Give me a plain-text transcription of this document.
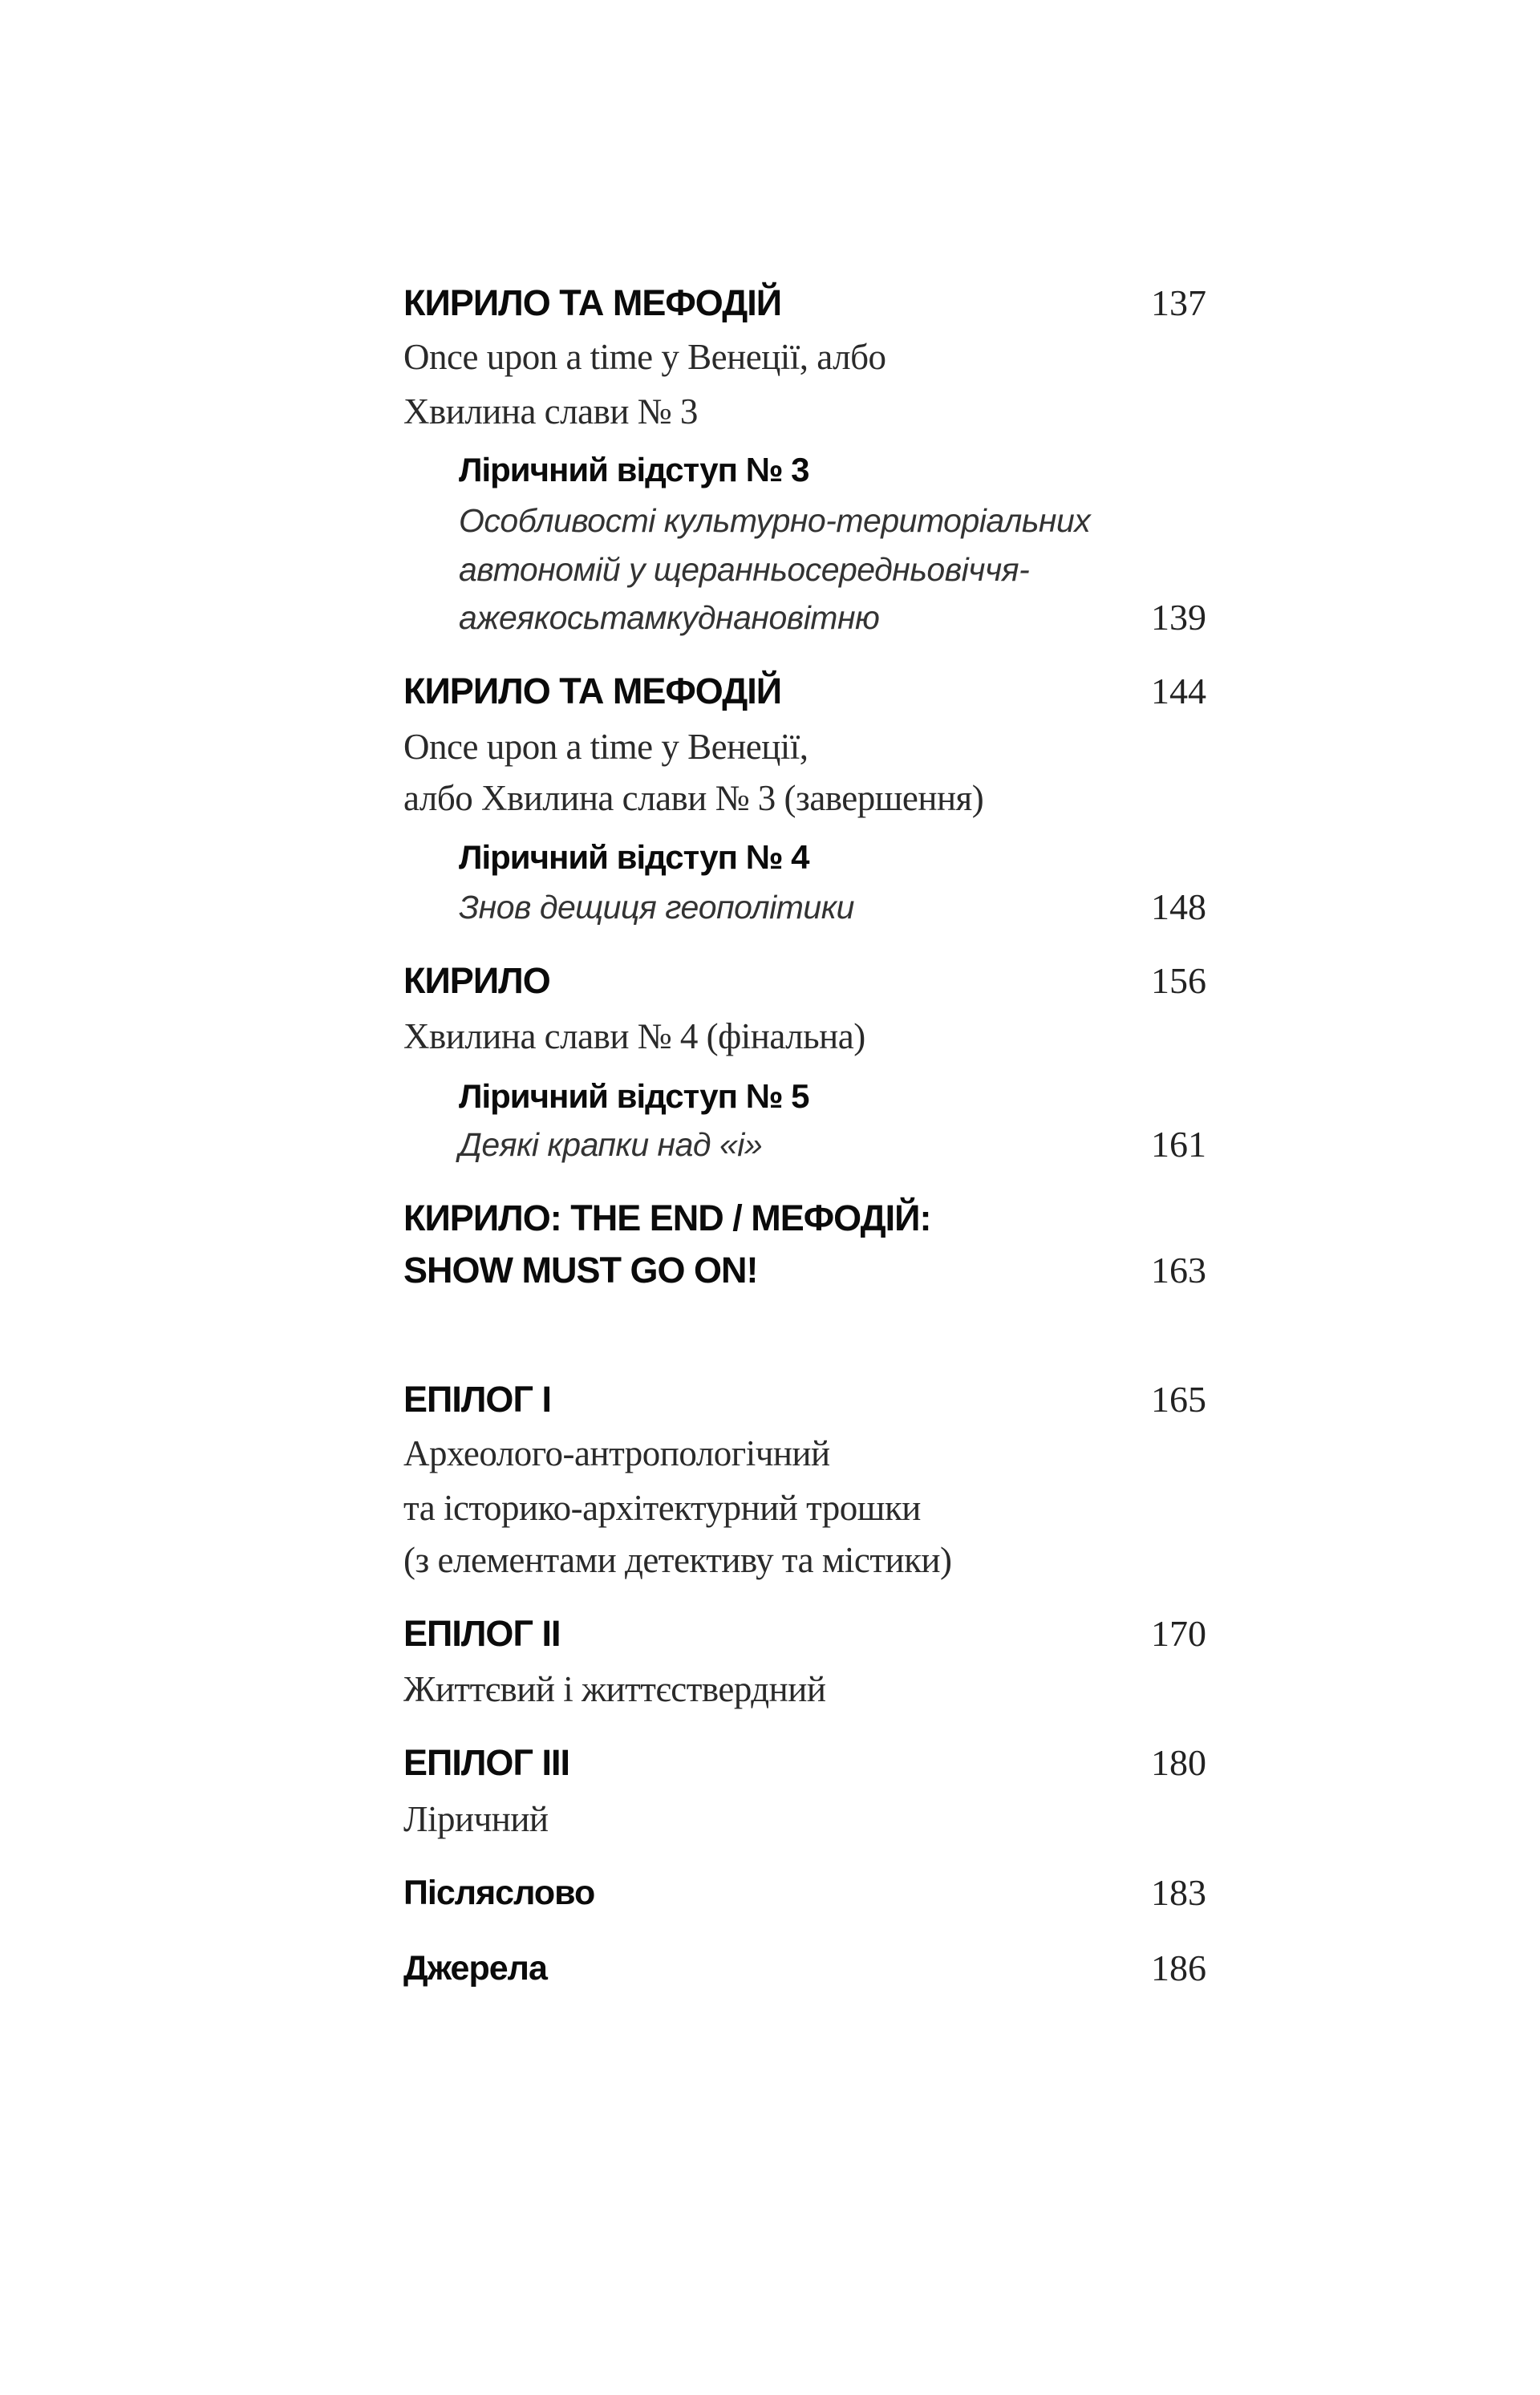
КИРИЛО ТА МЕФОДІЙ	137
Once upon a time у Венеції, албо
Хвилина слави № 3
Ліричний відступ № 3
Особливості культурно-територіальних
автономій у щеранньосередньовіччя-
ажеякосьтамкуднановітню	139
КИРИЛО ТА МЕФОДІЙ	144
Once upon a time у Венеції,
албо Хвилина слави № 3 (завершення)
Ліричний відступ № 4
Знов дещиця геополітики	148
КИРИЛО	156
Хвилина слави № 4 (фінальна)
Ліричний відступ № 5
Деякі крапки над «і»	161
КИРИЛО: THE END / МЕФОДІЙ:
SHOW MUST GO ON!	163
ЕПІЛОГ І	165
Археолого-антропологічний
та історико-архітектурний трошки
(з елементами детективу та містики)
ЕПІЛОГ ІІ	170
Життєвий і життєствердний
ЕПІЛОГ ІІІ	180
Ліричний
Післяслово	183
Джерела	186
